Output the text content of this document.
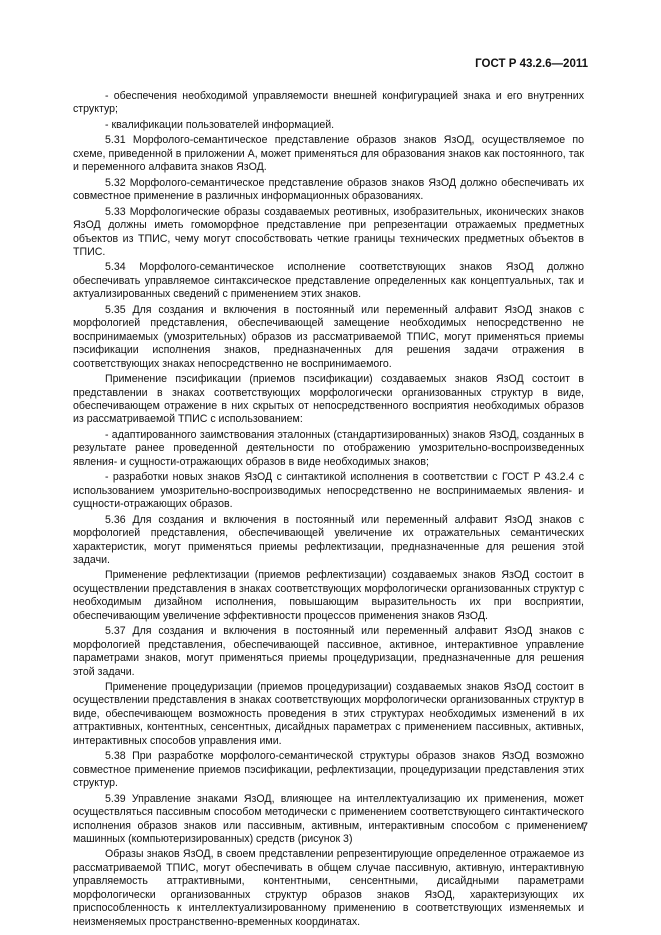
ГОСТ Р 43.2.6—2011

- обеспечения необходимой управляемости внешней конфигурацией знака и его внутренних структур;

- квалификации пользователей информацией.

5.31 Морфолого-семантическое представление образов знаков ЯзОД, осуществляемое по схеме, приведенной в приложении А, может применяться для образования знаков как постоянного, так и переменного алфавита знаков ЯзОД.

5.32 Морфолого-семантическое представление образов знаков ЯзОД должно обеспечивать их совместное применение в различных информационных образованиях.

5.33 Морфологические образы создаваемых реотивных, изобразительных, иконических знаков ЯзОД должны иметь гомоморфное представление при репрезентации отражаемых предметных объектов из ТПИС, чему могут способствовать четкие границы технических предметных объектов в ТПИС.

5.34 Морфолого-семантическое исполнение соответствующих знаков ЯзОД должно обеспечивать управляемое синтаксическое представление определенных как концептуальных, так и актуализированных сведений с применением этих знаков.

5.35 Для создания и включения в постоянный или переменный алфавит ЯзОД знаков с морфологией представления, обеспечивающей замещение необходимых непосредственно не воспринимаемых (умозрительных) образов из рассматриваемой ТПИС, могут применяться приемы пэсификации исполнения знаков, предназначенных для решения задачи отражения в соответствующих знаках непосредственно не воспринимаемого.

Применение пэсификации (приемов пэсификации) создаваемых знаков ЯзОД состоит в представлении в знаках соответствующих морфологически организованных структур в виде, обеспечивающем отражение в них скрытых от непосредственного восприятия необходимых образов из рассматриваемой ТПИС с использованием:

- адаптированного заимствования эталонных (стандартизированных) знаков ЯзОД, созданных в результате ранее проведенной деятельности по отображению умозрительно-воспроизведенных явления- и сущности-отражающих образов в виде необходимых знаков;

- разработки новых знаков ЯзОД с синтактикой исполнения в соответствии с ГОСТ Р 43.2.4 с использованием умозрительно-воспроизводимых непосредственно не воспринимаемых явления- и сущности-отражающих образов.

5.36 Для создания и включения в постоянный или переменный алфавит ЯзОД знаков с морфологией представления, обеспечивающей увеличение их отражательных семантических характеристик, могут применяться приемы рефлектизации, предназначенные для решения этой задачи.

Применение рефлектизации (приемов рефлектизации) создаваемых знаков ЯзОД состоит в осуществлении представления в знаках соответствующих морфологически организованных структур с необходимым дизайном исполнения, повышающим выразительность их при восприятии, обеспечивающим увеличение эффективности процессов применения знаков ЯзОД.

5.37 Для создания и включения в постоянный или переменный алфавит ЯзОД знаков с морфологией представления, обеспечивающей пассивное, активное, интерактивное управление параметрами знаков, могут применяться приемы процедуризации, предназначенные для решения этой задачи.

Применение процедуризации (приемов процедуризации) создаваемых знаков ЯзОД состоит в осуществлении представления в знаках соответствующих морфологически организованных структур в виде, обеспечивающем возможность проведения в этих структурах необходимых изменений в их аттрактивных, контентных, сенсентных, дисайдных параметрах с применением пассивных, активных, интерактивных способов управления ими.

5.38 При разработке морфолого-семантической структуры образов знаков ЯзОД возможно совместное применение приемов пэсификации, рефлектизации, процедуризации представления этих структур.

5.39 Управление знаками ЯзОД, влияющее на интеллектуализацию их применения, может осуществляться пассивным способом методически с применением соответствующего синтактического исполнения образов знаков или пассивным, активным, интерактивным способом с применением машинных (компьютеризированных) средств (рисунок 3)

Образы знаков ЯзОД, в своем представлении репрезентирующие определенное отражаемое из рассматриваемой ТПИС, могут обеспечивать в общем случае пассивную, активную, интерактивную управляемость аттрактивными, контентными, сенсентными, дисайдными параметрами морфологически организованных структур образов знаков ЯзОД, характеризующих их приспособленность к интеллектуализированному применению в соответствующих изменяемых и неизменяемых пространственно-временных координатах.

7
